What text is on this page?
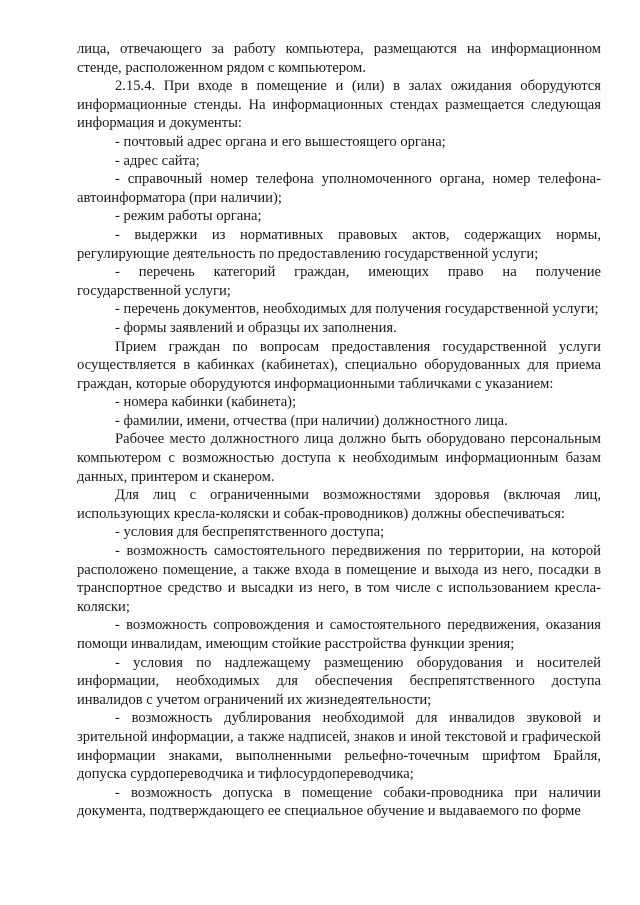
лица, отвечающего за работу компьютера, размещаются на информационном стенде, расположенном рядом с компьютером.

2.15.4. При входе в помещение и (или) в залах ожидания оборудуются информационные стенды. На информационных стендах размещается следующая информация и документы:

- почтовый адрес органа и его вышестоящего органа;

- адрес сайта;

- справочный номер телефона уполномоченного органа, номер телефона-автоинформатора (при наличии);

- режим работы органа;

- выдержки из нормативных правовых актов, содержащих нормы, регулирующие деятельность по предоставлению государственной услуги;

- перечень категорий граждан, имеющих право на получение государственной услуги;

- перечень документов, необходимых для получения государственной услуги;

- формы заявлений и образцы их заполнения.

Прием граждан по вопросам предоставления государственной услуги осуществляется в кабинках (кабинетах), специально оборудованных для приема граждан, которые оборудуются информационными табличками с указанием:

- номера кабинки (кабинета);

- фамилии, имени, отчества (при наличии) должностного лица.

Рабочее место должностного лица должно быть оборудовано персональным компьютером с возможностью доступа к необходимым информационным базам данных, принтером и сканером.

Для лиц с ограниченными возможностями здоровья (включая лиц, использующих кресла-коляски и собак-проводников) должны обеспечиваться:

- условия для беспрепятственного доступа;

- возможность самостоятельного передвижения по территории, на которой расположено помещение, а также входа в помещение и выхода из него, посадки в транспортное средство и высадки из него, в том числе с использованием кресла-коляски;

- возможность сопровождения и самостоятельного передвижения, оказания помощи инвалидам, имеющим стойкие расстройства функции зрения;

- условия по надлежащему размещению оборудования и носителей информации, необходимых для обеспечения беспрепятственного доступа инвалидов с учетом ограничений их жизнедеятельности;

- возможность дублирования необходимой для инвалидов звуковой и зрительной информации, а также надписей, знаков и иной текстовой и графической информации знаками, выполненными рельефно-точечным шрифтом Брайля, допуска сурдопереводчика и тифлосурдопереводчика;

- возможность допуска в помещение собаки-проводника при наличии документа, подтверждающего ее специальное обучение и выдаваемого по форме
